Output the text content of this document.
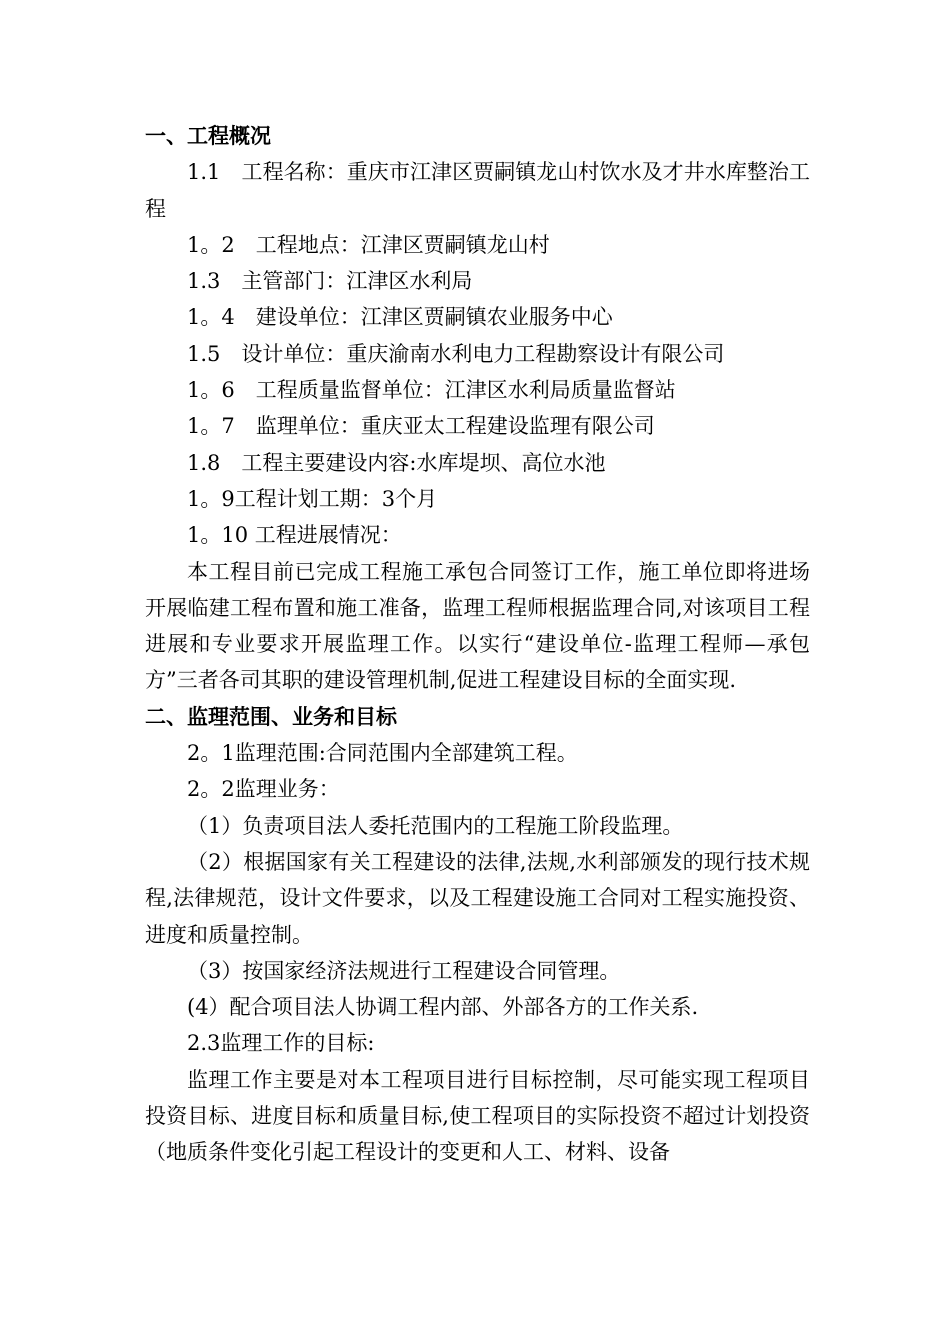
一、工程概况

1.1　工程名称：重庆市江津区贾嗣镇龙山村饮水及才井水库整治工程

1。2　工程地点：江津区贾嗣镇龙山村

1.3　主管部门：江津区水利局

1。4　建设单位：江津区贾嗣镇农业服务中心

1.5　设计单位：重庆渝南水利电力工程勘察设计有限公司

1。6　工程质量监督单位：江津区水利局质量监督站

1。7　监理单位：重庆亚太工程建设监理有限公司

1.8　工程主要建设内容:水库堤坝、高位水池

1。9工程计划工期：3个月

1。10 工程进展情况：

本工程目前已完成工程施工承包合同签订工作，施工单位即将进场开展临建工程布置和施工准备，监理工程师根据监理合同,对该项目工程进展和专业要求开展监理工作。以实行“建设单位-监理工程师—承包方”三者各司其职的建设管理机制,促进工程建设目标的全面实现.

二、监理范围、业务和目标

2。1监理范围:合同范围内全部建筑工程。

2。2监理业务：

（1）负责项目法人委托范围内的工程施工阶段监理。

（2）根据国家有关工程建设的法律,法规,水利部颁发的现行技术规程,法律规范，设计文件要求，以及工程建设施工合同对工程实施投资、进度和质量控制。

（3）按国家经济法规进行工程建设合同管理。

(4）配合项目法人协调工程内部、外部各方的工作关系.

2.3监理工作的目标:

监理工作主要是对本工程项目进行目标控制，尽可能实现工程项目投资目标、进度目标和质量目标,使工程项目的实际投资不超过计划投资（地质条件变化引起工程设计的变更和人工、材料、设备
